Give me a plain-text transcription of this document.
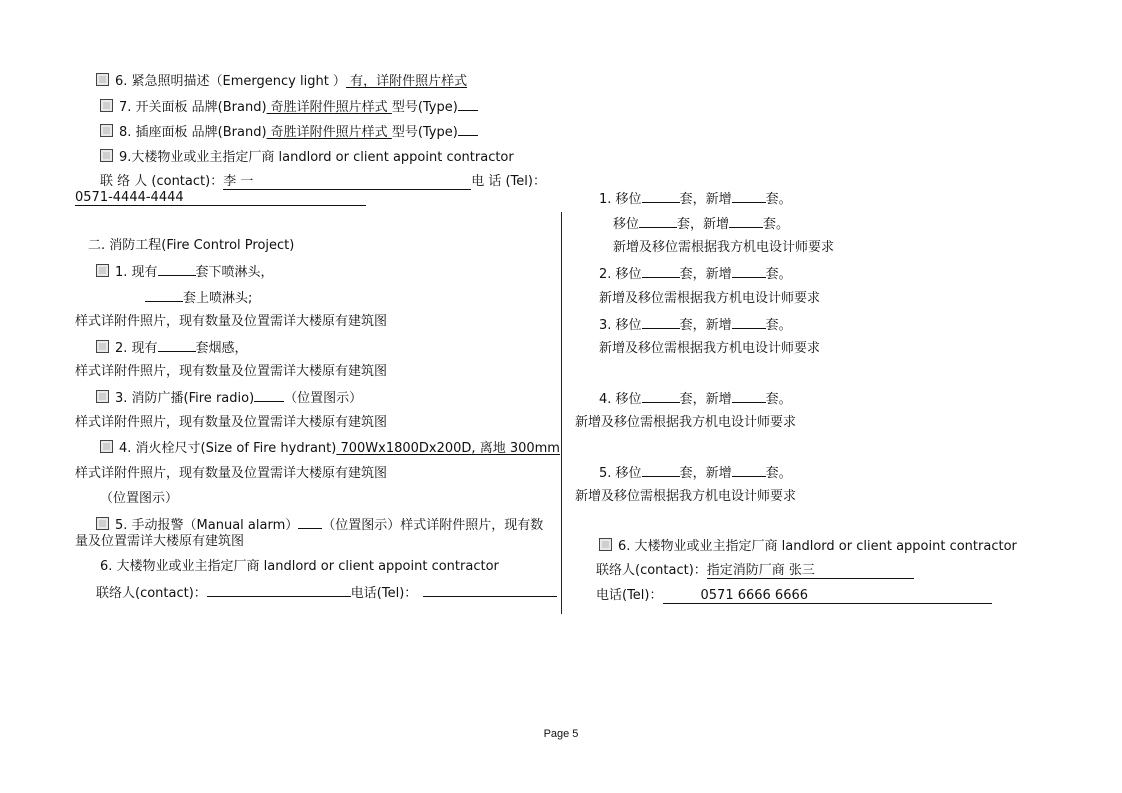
6. 紧急照明描述（Emergency light ） 有，详附件照片样式
7. 开关面板 品牌(Brand) 奇胜详附件照片样式 型号(Type)
8. 插座面板 品牌(Brand) 奇胜详附件照片样式 型号(Type)
9.大楼物业或业主指定厂商 landlord or client appoint contractor
联 络 人 (contact)：李 一	电 话 (Tel)：
0571-4444-4444
二. 消防工程(Fire Control Project)
1. 现有	套下喷淋头，
套上喷淋头;
样式详附件照片，现有数量及位置需详大楼原有建筑图
2. 现有	套烟感，
样式详附件照片，现有数量及位置需详大楼原有建筑图
3. 消防广播(Fire radio) （位置图示）
样式详附件照片，现有数量及位置需详大楼原有建筑图
4. 消火栓尺寸(Size of Fire hydrant) 700Wx1800Dx200D, 离地 300mm
样式详附件照片，现有数量及位置需详大楼原有建筑图
（位置图示）
5. 手动报警（Manual alarm） （位置图示）样式详附件照片，现有数
量及位置需详大楼原有建筑图
6. 大楼物业或业主指定厂商 landlord or client appoint contractor
联络人(contact)：	电话(Tel)：
1. 移位	套，新增	套。
移位	套，新增	套。
新增及移位需根据我方机电设计师要求
2. 移位	套，新增	套。
新增及移位需根据我方机电设计师要求
3. 移位	套，新增	套。
新增及移位需根据我方机电设计师要求
4. 移位	套，新增	套。
新增及移位需根据我方机电设计师要求
5. 移位	套，新增	套。
新增及移位需根据我方机电设计师要求
6. 大楼物业或业主指定厂商 landlord or client appoint contractor
联络人(contact)：指定消防厂商 张三
电话(Tel)：	0571 6666 6666
Page 5
